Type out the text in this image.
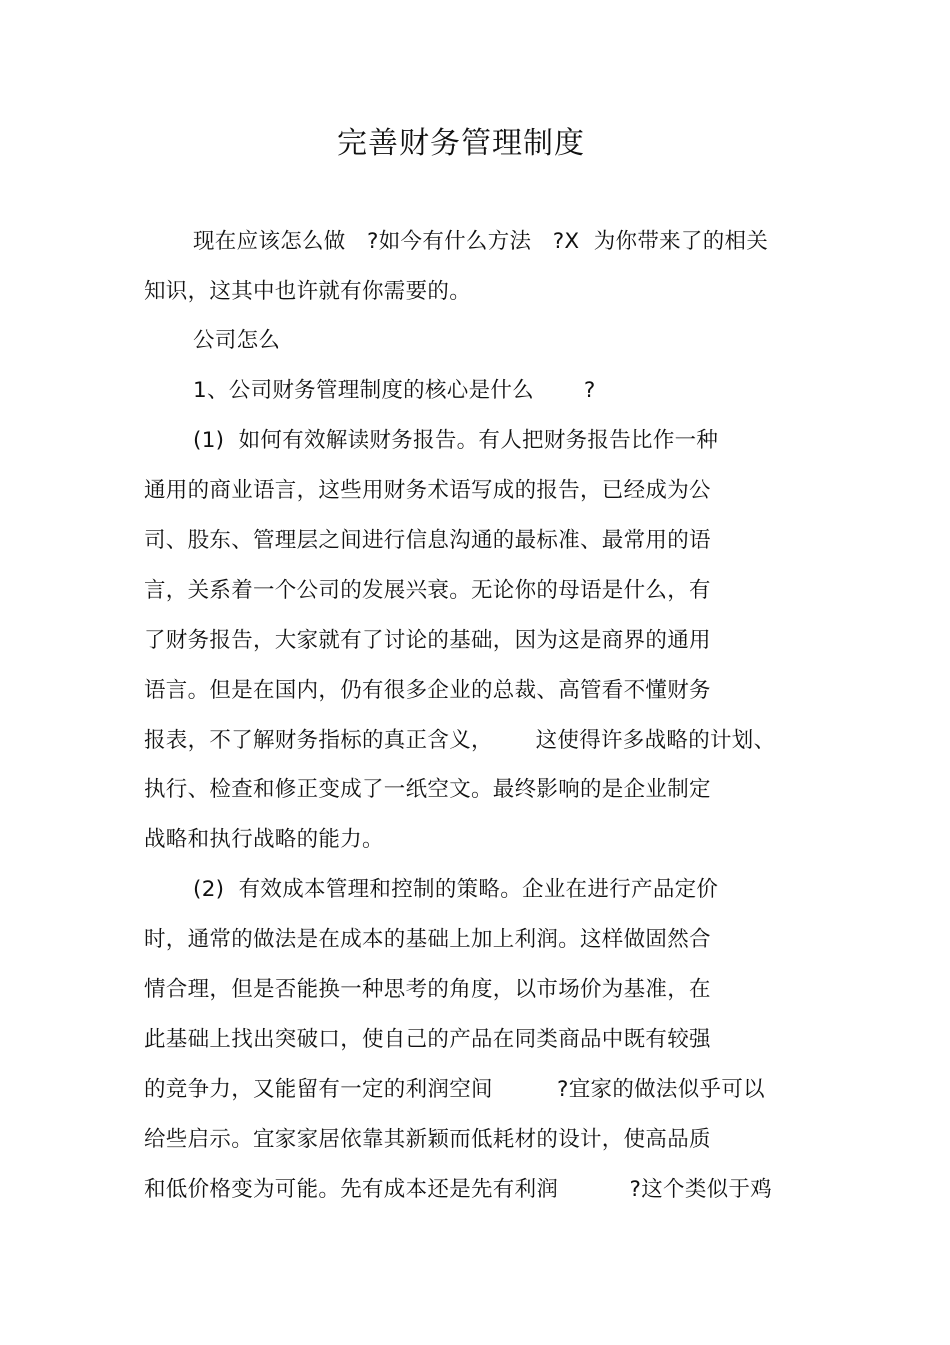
完善财务管理制度
现在应该怎么做   ?如今有什么方法   ?X  为你带来了的相关
知识，这其中也许就有你需要的。
公司怎么
1、公司财务管理制度的核心是什么       ?
(1)  如何有效解读财务报告。有人把财务报告比作一种
通用的商业语言，这些用财务术语写成的报告，已经成为公
司、股东、管理层之间进行信息沟通的最标准、最常用的语
言，关系着一个公司的发展兴衰。无论你的母语是什么，有
了财务报告，大家就有了讨论的基础，因为这是商界的通用
语言。但是在国内，仍有很多企业的总裁、高管看不懂财务
报表，不了解财务指标的真正含义，      这使得许多战略的计划、
执行、检查和修正变成了一纸空文。最终影响的是企业制定
战略和执行战略的能力。
(2)  有效成本管理和控制的策略。企业在进行产品定价
时，通常的做法是在成本的基础上加上利润。这样做固然合
情合理，但是否能换一种思考的角度，以市场价为基准，在
此基础上找出突破口，使自己的产品在同类商品中既有较强
的竞争力，又能留有一定的利润空间         ?宜家的做法似乎可以
给些启示。宜家家居依靠其新颖而低耗材的设计，使高品质
和低价格变为可能。先有成本还是先有利润          ?这个类似于鸡
